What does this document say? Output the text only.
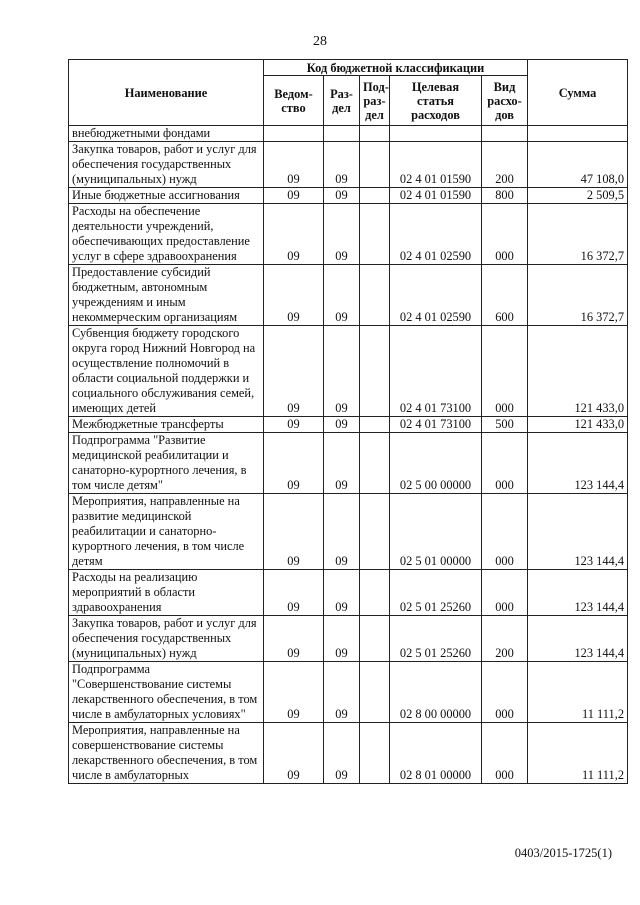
28
Наименование	Код бюджетной классификации					Сумма
	Ведом-ство	Раз-дел	Под-раз-дел	Целевая статья расходов	Вид расхо-дов	
внебюджетными фондами						
Закупка товаров, работ и услуг для обеспечения государственных (муниципальных) нужд	09	09		02 4 01 01590	200	47 108,0
Иные бюджетные ассигнования	09	09		02 4 01 01590	800	2 509,5
Расходы на обеспечение деятельности учреждений, обеспечивающих предоставление услуг в сфере здравоохранения	09	09		02 4 01 02590	000	16 372,7
Предоставление субсидий бюджетным, автономным учреждениям и иным некоммерческим организациям	09	09		02 4 01 02590	600	16 372,7
Субвенция бюджету городского округа город Нижний Новгород на осуществление полномочий в области социальной поддержки и социального обслуживания семей, имеющих детей	09	09		02 4 01 73100	000	121 433,0
Межбюджетные трансферты	09	09		02 4 01 73100	500	121 433,0
Подпрограмма "Развитие медицинской реабилитации и санаторно-курортного лечения, в том числе детям"	09	09		02 5 00 00000	000	123 144,4
Мероприятия, направленные на развитие медицинской реабилитации и санаторно-курортного лечения, в том числе детям	09	09		02 5 01 00000	000	123 144,4
Расходы на реализацию мероприятий в области здравоохранения	09	09		02 5 01 25260	000	123 144,4
Закупка товаров, работ и услуг для обеспечения государственных (муниципальных) нужд	09	09		02 5 01 25260	200	123 144,4
Подпрограмма "Совершенствование системы лекарственного обеспечения, в том числе в амбулаторных условиях"	09	09		02 8 00 00000	000	11 111,2
Мероприятия, направленные на совершенствование системы лекарственного обеспечения, в том числе в амбулаторных	09	09		02 8 01 00000	000	11 111,2
0403/2015-1725(1)
